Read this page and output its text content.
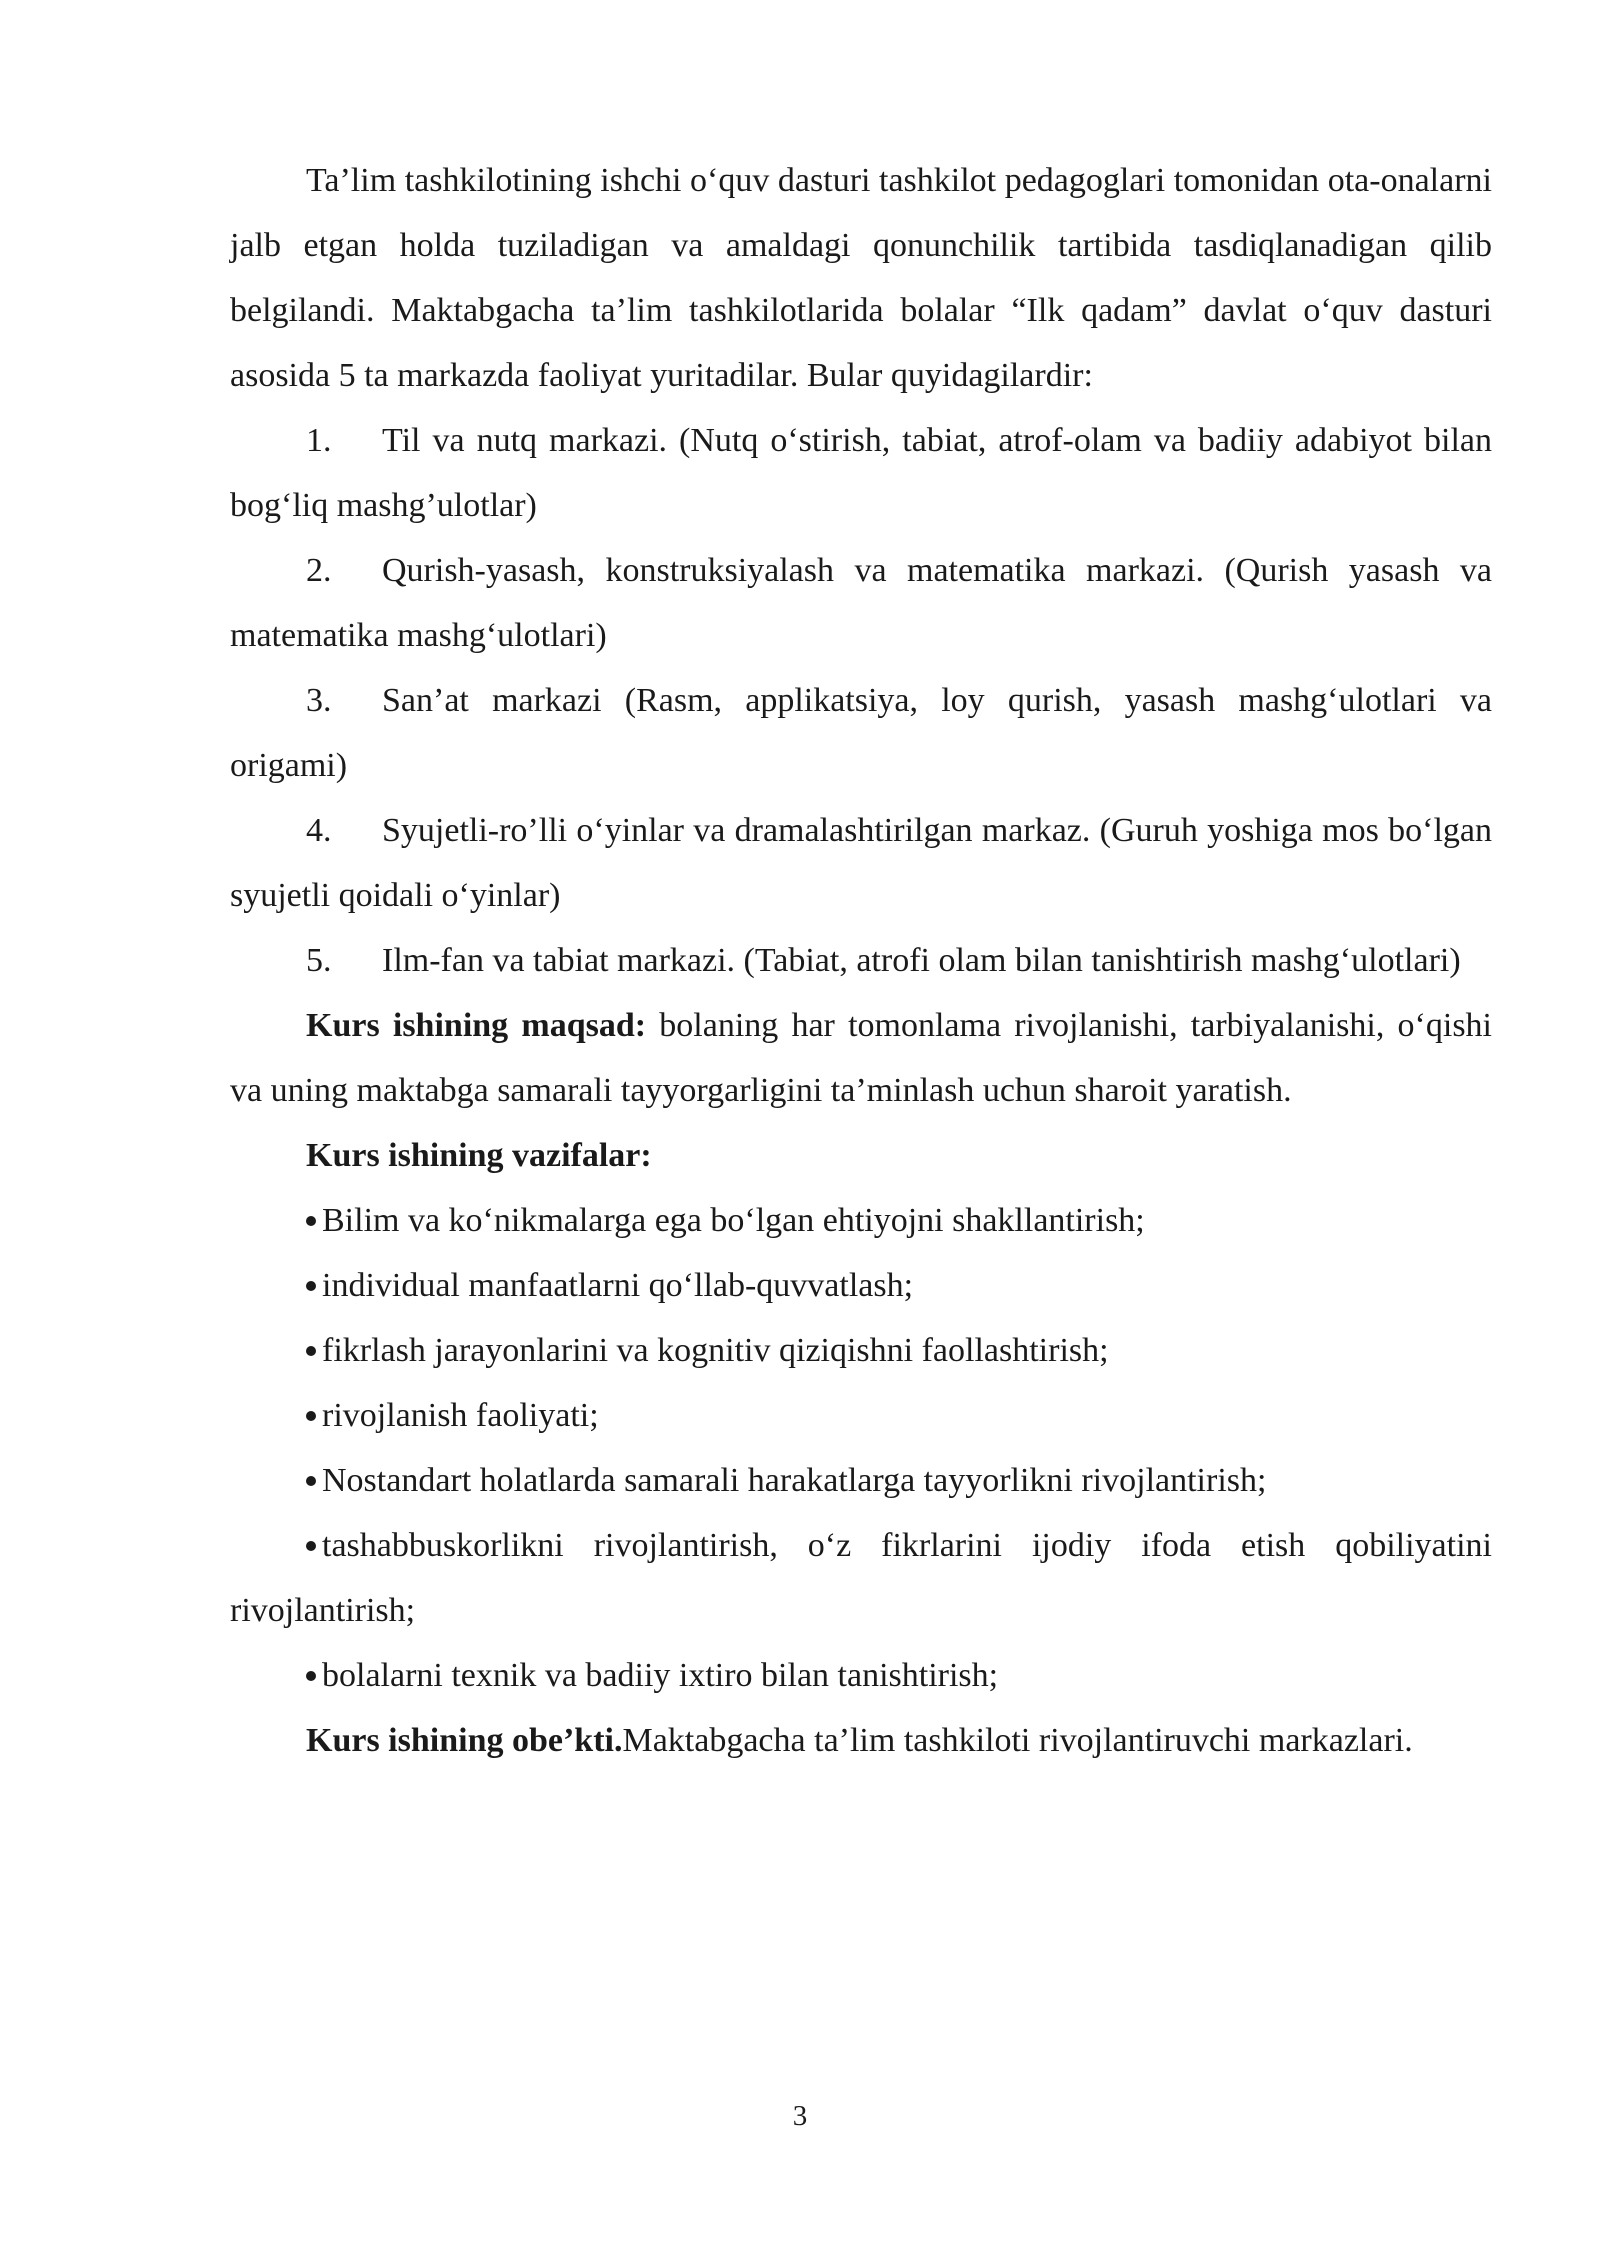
Ta’lim tashkilotining ishchi o‘quv dasturi tashkilot pedagoglari tomonidan ota-onalarni jalb etgan holda tuziladigan va amaldagi qonunchilik tartibida tasdiqlanadigan qilib belgilandi. Maktabgacha ta’lim tashkilotlarida bolalar “Ilk qadam” davlat o‘quv dasturi asosida 5 ta markazda faoliyat yuritadilar. Bular quyidagilardir:

1. Til va nutq markazi. (Nutq o‘stirish, tabiat, atrof-olam va badiiy adabiyot bilan bog‘liq mashg’ulotlar)

2. Qurish-yasash, konstruksiyalash va matematika markazi. (Qurish yasash va matematika mashg‘ulotlari)

3. San’at markazi (Rasm, applikatsiya, loy qurish, yasash mashg‘ulotlari va origami)

4. Syujetli-ro’lli o‘yinlar va dramalashtirilgan markaz. (Guruh yoshiga mos bo‘lgan syujetli qoidali o‘yinlar)

5. Ilm-fan va tabiat markazi. (Tabiat, atrofi olam bilan tanishtirish mashg‘ulotlari)

Kurs ishining maqsad: bolaning har tomonlama rivojlanishi, tarbiyalanishi, o‘qishi va uning maktabga samarali tayyorgarligini ta’minlash uchun sharoit yaratish.

Kurs ishining vazifalar:

Bilim va ko‘nikmalarga ega bo‘lgan ehtiyojni shakllantirish;

individual manfaatlarni qo‘llab-quvvatlash;

fikrlash jarayonlarini va kognitiv qiziqishni faollashtirish;

rivojlanish faoliyati;

Nostandart holatlarda samarali harakatlarga tayyorlikni rivojlantirish;

tashabbuskorlikni rivojlantirish, o‘z fikrlarini ijodiy ifoda etish qobiliyatini rivojlantirish;

bolalarni texnik va badiiy ixtiro bilan tanishtirish;

Kurs ishining obe’kti.Maktabgacha ta’lim tashkiloti rivojlantiruvchi markazlari.

3
